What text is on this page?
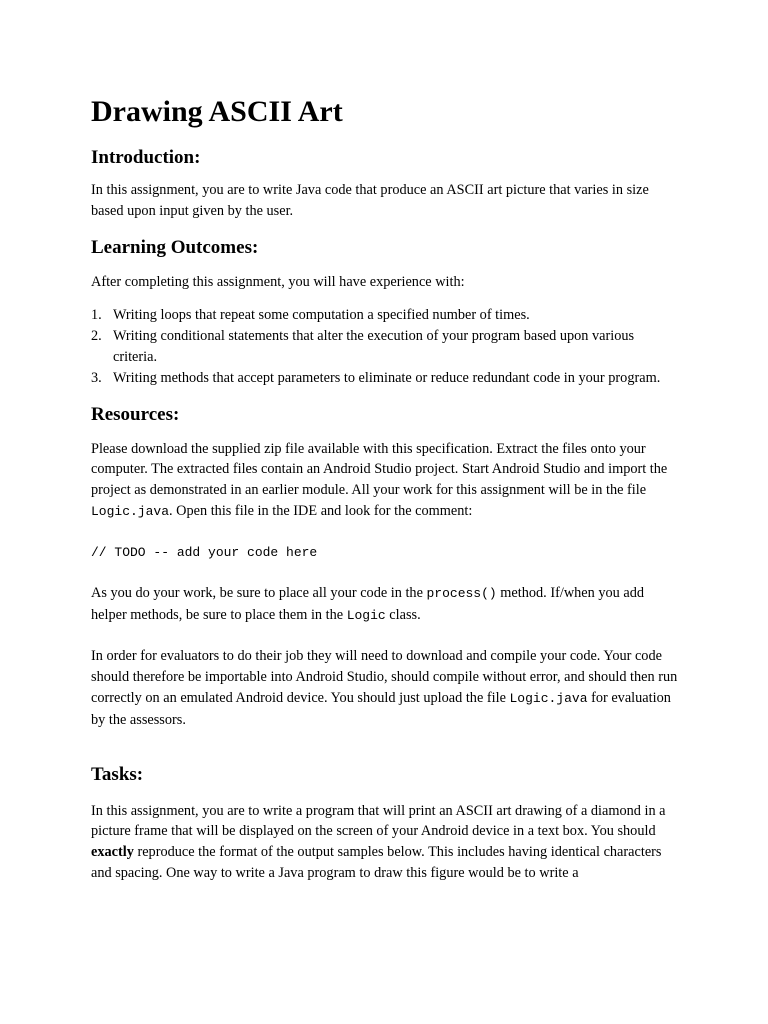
Drawing ASCII Art
Introduction:

In this assignment, you are to write Java code that produce an ASCII art picture that varies in size based upon input given by the user.

Learning Outcomes:

After completing this assignment, you will have experience with:

1. Writing loops that repeat some computation a specified number of times.
2. Writing conditional statements that alter the execution of your program based upon various criteria.
3. Writing methods that accept parameters to eliminate or reduce redundant code in your program.
Resources:

Please download the supplied zip file available with this specification. Extract the files onto your computer. The extracted files contain an Android Studio project. Start Android Studio and import the project as demonstrated in an earlier module. All your work for this assignment will be in the file Logic.java. Open this file in the IDE and look for the comment:

// TODO -- add your code here

As you do your work, be sure to place all your code in the process() method. If/when you add helper methods, be sure to place them in the Logic class.

In order for evaluators to do their job they will need to download and compile your code. Your code should therefore be importable into Android Studio, should compile without error, and should then run correctly on an emulated Android device. You should just upload the file Logic.java for evaluation by the assessors.

Tasks:

In this assignment, you are to write a program that will print an ASCII art drawing of a diamond in a picture frame that will be displayed on the screen of your Android device in a text box. You should exactly reproduce the format of the output samples below. This includes having identical characters and spacing. One way to write a Java program to draw this figure would be to write a
